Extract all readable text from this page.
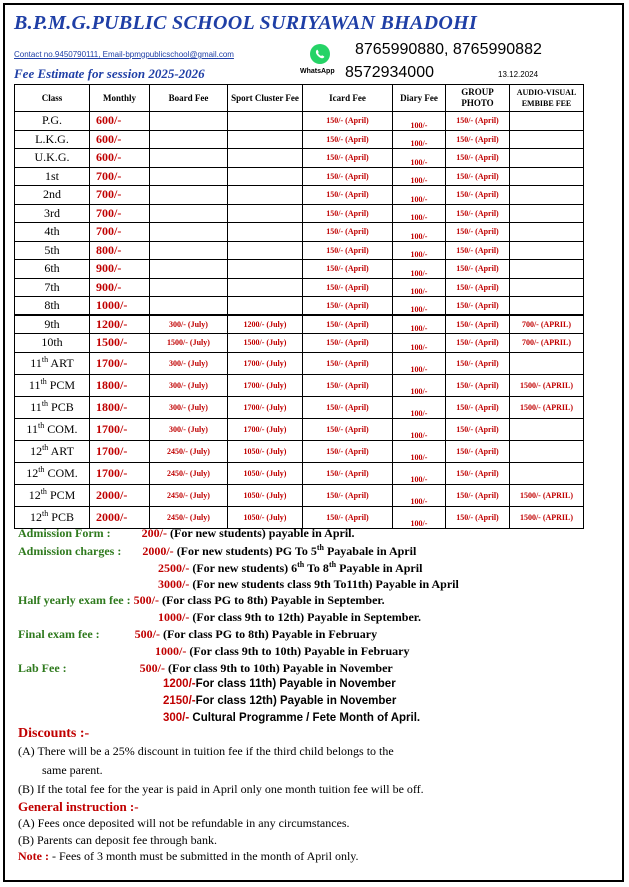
B.P.M.G.PUBLIC SCHOOL SURIYAWAN BHADOHI
Contact no.9450790111, Email-bpmgpublicschool@gmail.com
Fee Estimate for session 2025-2026	WhatsApp
8765990880, 8765990882
8572934000	13.12.2024
Class	Monthly	Board Fee	Sport Cluster Fee	Icard Fee	Diary Fee	GROUP PHOTO	AUDIO-VISUAL EMBIBE FEE
P.G.	600/-			150/- (April)	100/-	150/- (April)	
L.K.G.	600/-			150/- (April)	100/-	150/- (April)	
U.K.G.	600/-			150/- (April)	100/-	150/- (April)	
1st	700/-			150/- (April)	100/-	150/- (April)	
2nd	700/-			150/- (April)	100/-	150/- (April)	
3rd	700/-			150/- (April)	100/-	150/- (April)	
4th	700/-			150/- (April)	100/-	150/- (April)	
5th	800/-			150/- (April)	100/-	150/- (April)	
6th	900/-			150/- (April)	100/-	150/- (April)	
7th	900/-			150/- (April)	100/-	150/- (April)	
8th	1000/-			150/- (April)	100/-	150/- (April)	
9th	1200/-	300/- (July)	1200/- (July)	150/- (April)	100/-	150/- (April)	700/- (APRIL)
10th	1500/-	1500/- (July)	1500/- (July)	150/- (April)	100/-	150/- (April)	700/- (APRIL)
11th ART	1700/-	300/- (July)	1700/- (July)	150/- (April)	100/-	150/- (April)	
11th PCM	1800/-	300/- (July)	1700/- (July)	150/- (April)	100/-	150/- (April)	1500/- (APRIL)
11th PCB	1800/-	300/- (July)	1700/- (July)	150/- (April)	100/-	150/- (April)	1500/- (APRIL)
11th COM.	1700/-	300/- (July)	1700/- (July)	150/- (April)	100/-	150/- (April)	
12th ART	1700/-	2450/- (July)	1050/- (July)	150/- (April)	100/-	150/- (April)	
12th COM.	1700/-	2450/- (July)	1050/- (July)	150/- (April)	100/-	150/- (April)	
12th PCM	2000/-	2450/- (July)	1050/- (July)	150/- (April)	100/-	150/- (April)	1500/- (APRIL)
12th PCB	2000/-	2450/- (July)	1050/- (July)	150/- (April)	100/-	150/- (April)	1500/- (APRIL)
Admission Form :	200/- (For new students) payable in April.
Admission charges : 2000/- (For new students) PG To 5th Payabale in April
2500/- (For new students) 6th To 8th Payable in April
3000/- (For new students class 9th To11th) Payable in April
Half yearly exam fee : 500/- (For class PG to 8th) Payable in September.
1000/- (For class 9th to 12th) Payable in September.
Final exam fee :	500/- (For class PG to 8th) Payable in February
1000/- (For class 9th to 10th) Payable in February
Lab Fee :	500/- (For class 9th to 10th) Payable in November
1200/-For class 11th) Payable in November
2150/-For class 12th) Payable in November
300/- Cultural Programme / Fete Month of April.
Discounts :-
(A) There will be a 25% discount in tuition fee if the third child belongs to the
same parent.
(B) If the total fee for the year is paid in April only one month tuition fee will be off.
General instruction :-
(A) Fees once deposited will not be refundable in any circumstances.
(B) Parents can deposit fee through bank.
Note : - Fees of 3 month must be submitted in the month of April only.
